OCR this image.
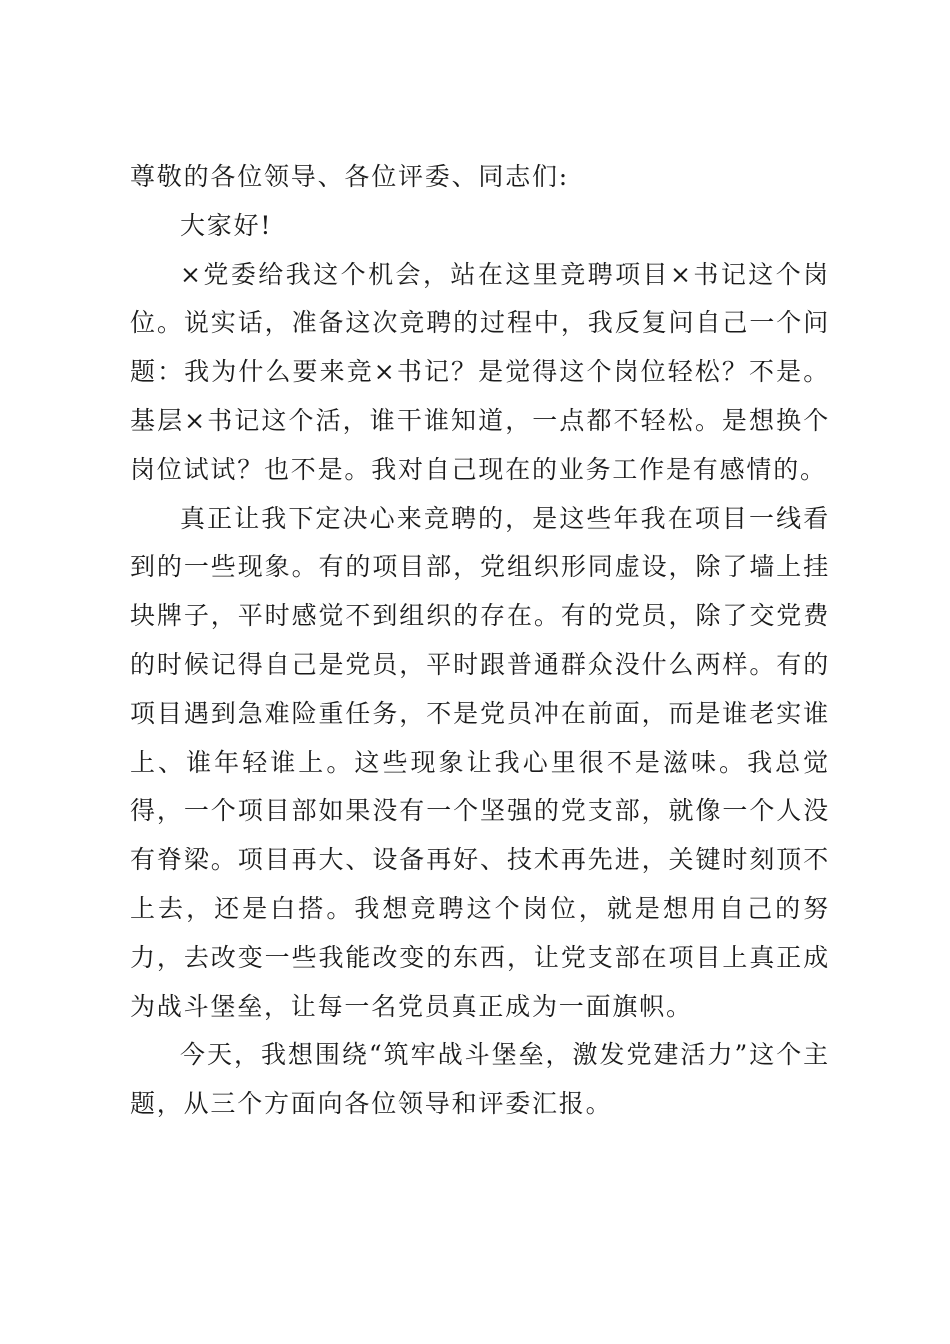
尊敬的各位领导、各位评委、同志们:

大家好!

×党委给我这个机会，站在这里竞聘项目×书记这个岗位。说实话，准备这次竞聘的过程中，我反复问自己一个问题：我为什么要来竞×书记？是觉得这个岗位轻松？不是。基层×书记这个活，谁干谁知道，一点都不轻松。是想换个岗位试试？也不是。我对自己现在的业务工作是有感情的。

真正让我下定决心来竞聘的，是这些年我在项目一线看到的一些现象。有的项目部，党组织形同虚设，除了墙上挂块牌子，平时感觉不到组织的存在。有的党员，除了交党费的时候记得自己是党员，平时跟普通群众没什么两样。有的项目遇到急难险重任务，不是党员冲在前面，而是谁老实谁上、谁年轻谁上。这些现象让我心里很不是滋味。我总觉得，一个项目部如果没有一个坚强的党支部，就像一个人没有脊梁。项目再大、设备再好、技术再先进，关键时刻顶不上去，还是白搭。我想竞聘这个岗位，就是想用自己的努力，去改变一些我能改变的东西，让党支部在项目上真正成为战斗堡垒，让每一名党员真正成为一面旗帜。

今天，我想围绕“筑牢战斗堡垒，激发党建活力”这个主题，从三个方面向各位领导和评委汇报。
